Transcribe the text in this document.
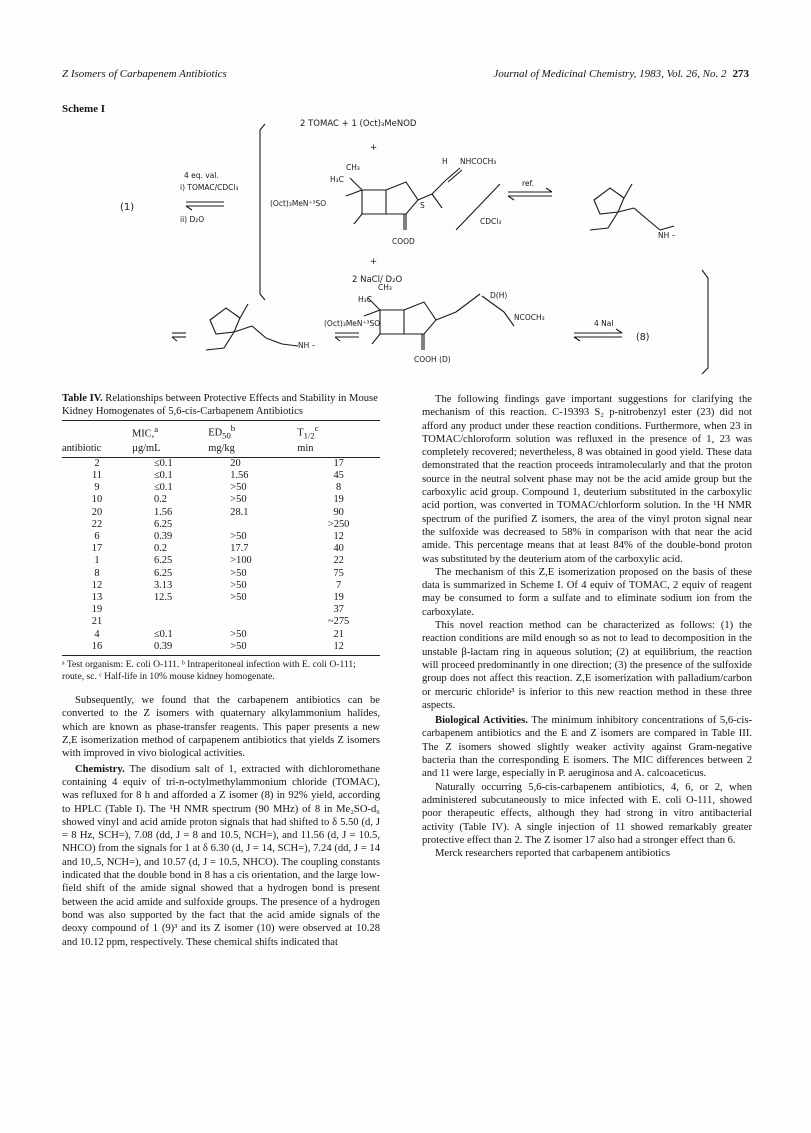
Z Isomers of Carbapenem Antibiotics	Journal of Medicinal Chemistry, 1983, Vol. 26, No. 2 273
Scheme I
2 TOMAC + 1 (Oct)₃MeNOD
+
+
2 NaCl/ D₂O
(1)
4 eq. val.
i) TOMAC/CDCl₃
ii) D₂O
(Oct)₃MeN⁺³SO
CH₃
H₃C
COOD
NHCOCH₃
H
S
CDCl₃
ref.
NH –
(Oct)₃MeN⁺³SO
CH₃
H₃C	D(H)
NCOCH₃
COOH (D)
NH –
4 NaI
(8)
Table IV. Relationships between Protective Effects and Stability in Mouse Kidney Homogenates of 5,6-cis-Carbapenem Antibiotics
	MIC,$^a$	$ED_{50}^b$	$T_{1/2}^c$
antibiotic	µg/mL	mg/kg	min
2	≤0.1	20	17
11	≤0.1	1.56	45
9	≤0.1	>50	8
10	0.2	>50	19
20	1.56	28.1	90
22	6.25		>250
6	0.39	>50	12
17	0.2	17.7	40
1	6.25	>100	22
8	6.25	>50	75
12	3.13	>50	7
13	12.5	>50	19
19			37
21			~275
4	≤0.1	>50	21
16	0.39	>50	12
ᵃ Test organism: E. coli O-111. ᵇ Intraperitoneal infection with E. coli O-111; route, sc. ᶜ Half-life in 10% mouse kidney homogenate.

Subsequently, we found that the carbapenem antibiotics can be converted to the Z isomers with quaternary alkylammonium halides, which are known as phase-transfer reagents. This paper presents a new Z,E isomerization method of carpapenem antibiotics that yields Z isomers with improved in vivo biological activities.

Chemistry. The disodium salt of 1, extracted with dichloromethane containing 4 equiv of tri-n-octylmethylammonium chloride (TOMAC), was refluxed for 8 h and afforded a Z isomer (8) in 92% yield, according to HPLC (Table I). The ¹H NMR spectrum (90 MHz) of 8 in Me₂SO-d₆ showed vinyl and acid amide proton signals that had shifted to δ 5.50 (d, J = 8 Hz, SCH=), 7.08 (dd, J = 8 and 10.5, NCH=), and 11.56 (d, J = 10.5, NHCO) from the signals for 1 at δ 6.30 (d, J = 14, SCH=), 7.24 (dd, J = 14 and 10,.5, NCH=), and 10.57 (d, J = 10.5, NHCO). The coupling constants indicated that the double bond in 8 has a cis orientation, and the large low-field shift of the amide signal showed that a hydrogen bond is present between the acid amide and sulfoxide groups. The presence of a hydrogen bond was also supported by the fact that the acid amide signals of the deoxy compound of 1 (9)³ and its Z isomer (10) were observed at 10.28 and 10.12 ppm, respectively. These chemical shifts indicated that

The following findings gave important suggestions for clarifying the mechanism of this reaction. C-19393 S₂ p-nitrobenzyl ester (23) did not afford any product under these reaction conditions. Furthermore, when 23 in TOMAC/chloroform solution was refluxed in the presence of 1, 23 was completely recovered; nevertheless, 8 was obtained in good yield. These data demonstrated that the reaction proceeds intramolecularly and that the proton source in the neutral solvent phase may not be the acid amide group but the carboxylic acid group. Compound 1, deuterium substituted in the carboxylic acid portion, was converted in TOMAC/chlorform solution. In the ¹H NMR spectrum of the purified Z isomers, the area of the vinyl proton signal near the sulfoxide was decreased to 58% in comparison with that near the acid amide. This percentage means that at least 84% of the double-bond proton was substituted by the deuterium atom of the carboxylic acid.

The mechanism of this Z,E isomerization proposed on the basis of these data is summarized in Scheme I. Of 4 equiv of TOMAC, 2 equiv of reagent may be consumed to form a sulfate and to eliminate sodium ion from the carboxylate.

This novel reaction method can be characterized as follows: (1) the reaction conditions are mild enough so as not to lead to decomposition in the unstable β-lactam ring in aqueous solution; (2) at equilibrium, the reaction will proceed predominantly in one direction; (3) the presence of the sulfoxide group does not affect this reaction. Z,E isomerization with palladium/carbon or mercuric chloride³ is inferior to this new reaction method in these three aspects.

Biological Activities. The minimum inhibitory concentrations of 5,6-cis-carbapenem antibiotics and the E and Z isomers are compared in Table III. The Z isomers showed slightly weaker activity against Gram-negative bacteria than the corresponding E isomers. The MIC differences between 2 and 11 were large, especially in P. aeruginosa and A. calcoaceticus.

Naturally occurring 5,6-cis-carbapenem antibiotics, 4, 6, or 2, when administered subcutaneously to mice infected with E. coli O-111, showed poor therapeutic effects, although they had strong in vitro antibacterial activity (Table IV). A single injection of 11 showed remarkably greater protective effect than 2. The Z isomer 17 also had a stronger effect than 6.

Merck researchers reported that carbapenem antibiotics
